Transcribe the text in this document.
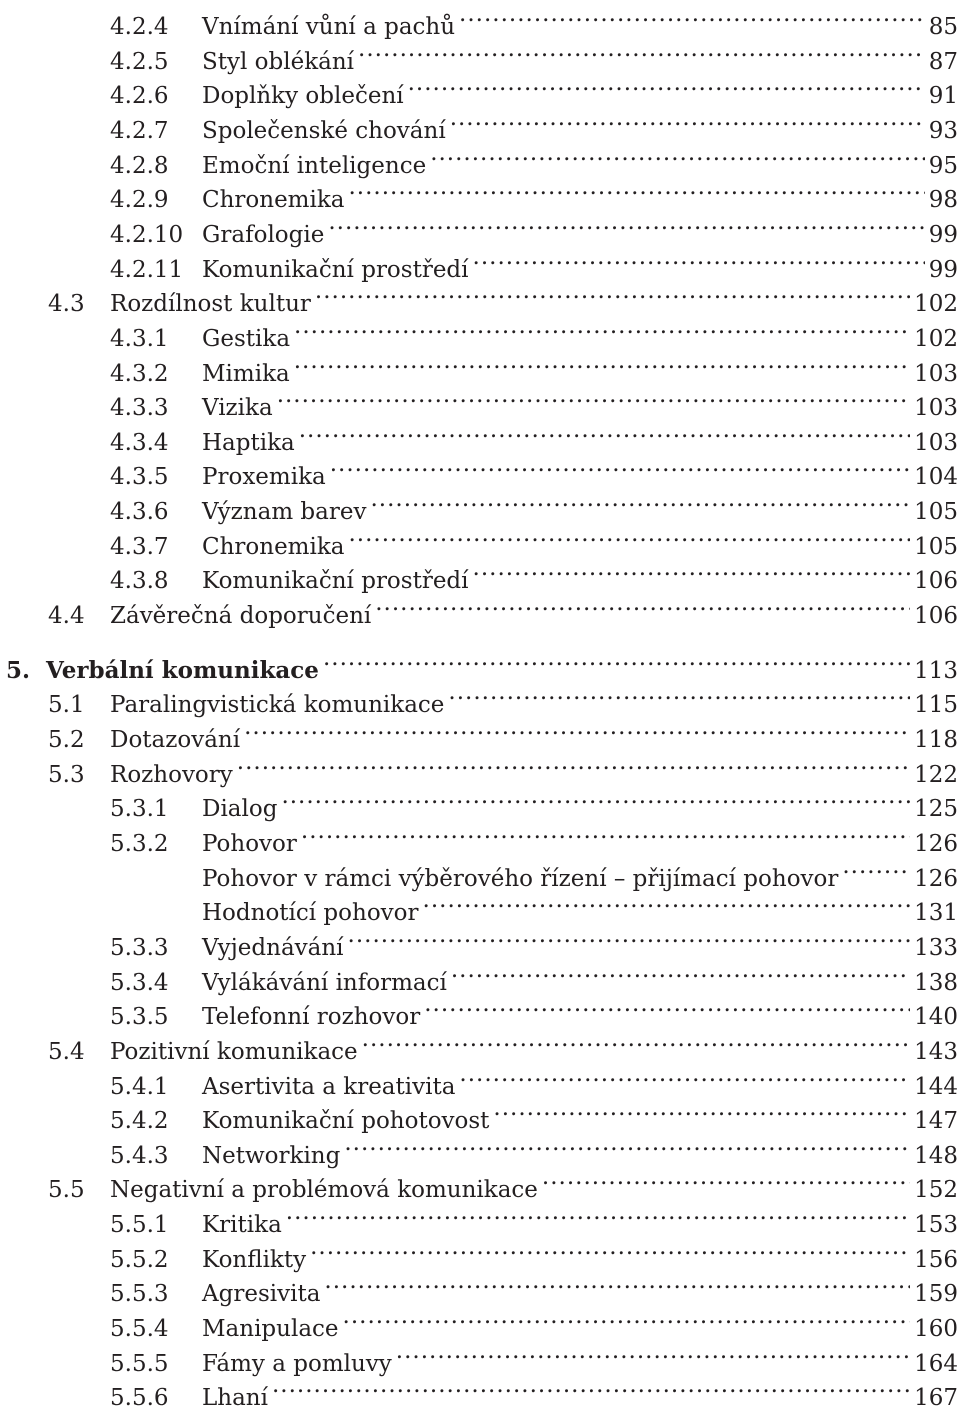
4.2.4	Vnímání vůní a pachů .....	85
4.2.5	Styl oblékání .....	87
4.2.6	Doplňky oblečení .....	91
4.2.7	Společenské chování .....	93
4.2.8	Emoční inteligence .....	95
4.2.9	Chronemika .....	98
4.2.10 Grafologie .....	99
4.2.11 Komunikační prostředí .....	99
4.3	Rozdílnost kultur .....	102
4.3.1	Gestika .....	102
4.3.2	Mimika .....	103
4.3.3	Vizika .....	103
4.3.4	Haptika .....	103
4.3.5	Proxemika .....	104
4.3.6	Význam barev .....	105
4.3.7	Chronemika .....	105
4.3.8	Komunikační prostředí .....	106
4.4	Závěrečná doporučení .....	106
5. Verbální komunikace .....	113
5.1	Paralingvistická komunikace .....	115
5.2	Dotazování .....	118
5.3	Rozhovory .....	122
5.3.1	Dialog .....	125
5.3.2	Pohovor .....	126
Pohovor v rámci výběrového řízení – přijímací pohovor .....	126
Hodnotící pohovor .....	131
5.3.3	Vyjednávání .....	133
5.3.4	Vylákávání informací .....	138
5.3.5	Telefonní rozhovor .....	140
5.4	Pozitivní komunikace .....	143
5.4.1	Asertivita a kreativita .....	144
5.4.2	Komunikační pohotovost .....	147
5.4.3	Networking .....	148
5.5	Negativní a problémová komunikace .....	152
5.5.1	Kritika .....	153
5.5.2	Konflikty .....	156
5.5.3	Agresivita .....	159
5.5.4	Manipulace .....	160
5.5.5	Fámy a pomluvy .....	164
5.5.6	Lhaní .....	167
